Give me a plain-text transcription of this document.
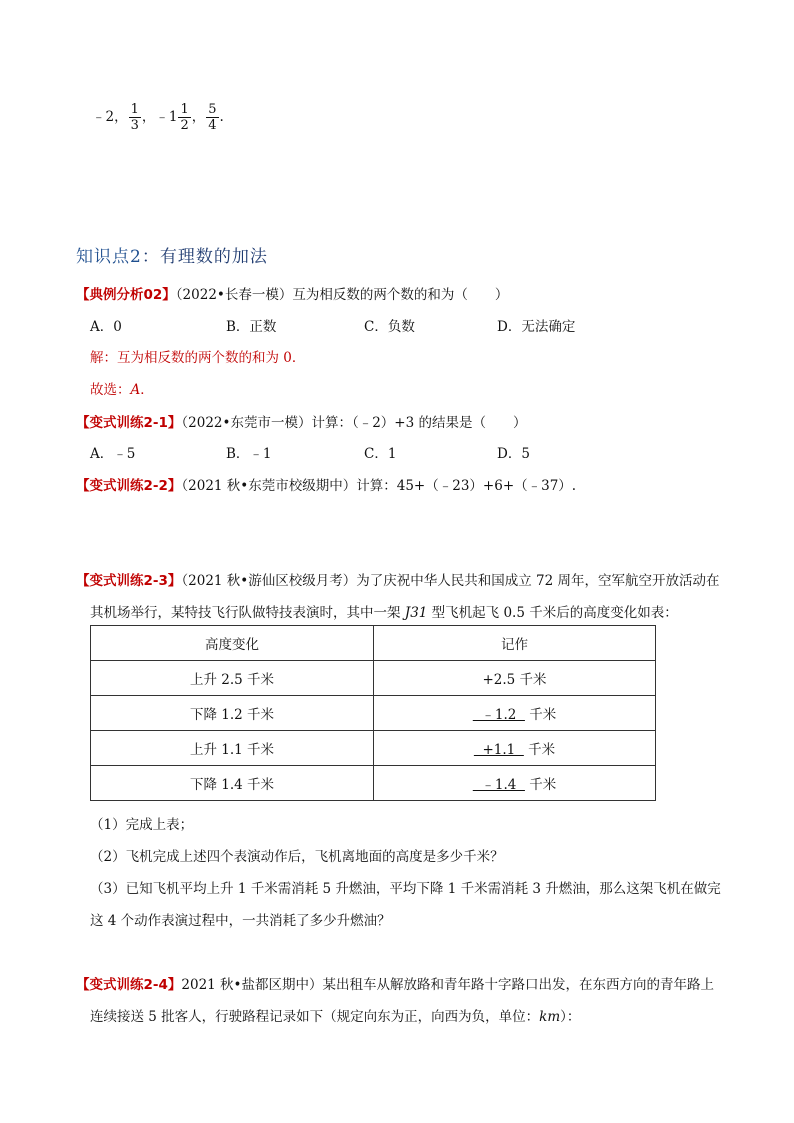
﹣2， $\frac{1}{3}$ ，﹣1 $\frac{1}{2}$ ， $\frac{5}{4}$ .
知识点2：有理数的加法
【典例分析02】（2022•长春一模）互为相反数的两个数的和为（　　）
A．0	B．正数	C．负数	D．无法确定
解：互为相反数的两个数的和为 0．
故选：A．
【变式训练2-1】（2022•东莞市一模）计算：（﹣2）+3 的结果是（　　）
A．﹣5	B．﹣1	C．1	D．5
【变式训练2-2】（2021 秋•东莞市校级期中）计算：45+（﹣23）+6+（﹣37）.
【变式训练2-3】（2021 秋•游仙区校级月考）为了庆祝中华人民共和国成立 72 周年，空军航空开放活动在
其机场举行，某特技飞行队做特技表演时，其中一架 J31 型飞机起飞 0.5 千米后的高度变化如表：
高度变化	记作
上升 2.5 千米	+2.5 千米
下降 1.2 千米	﹣1.2   千米
上升 1.1 千米	+1.1   千米
下降 1.4 千米	﹣1.4   千米
（1）完成上表；
（2）飞机完成上述四个表演动作后，飞机离地面的高度是多少千米？
（3）已知飞机平均上升 1 千米需消耗 5 升燃油，平均下降 1 千米需消耗 3 升燃油，那么这架飞机在做完
这 4 个动作表演过程中，一共消耗了多少升燃油？
【变式训练2-4】2021 秋•盐都区期中）某出租车从解放路和青年路十字路口出发，在东西方向的青年路上
连续接送 5 批客人，行驶路程记录如下（规定向东为正，向西为负，单位：km）：
